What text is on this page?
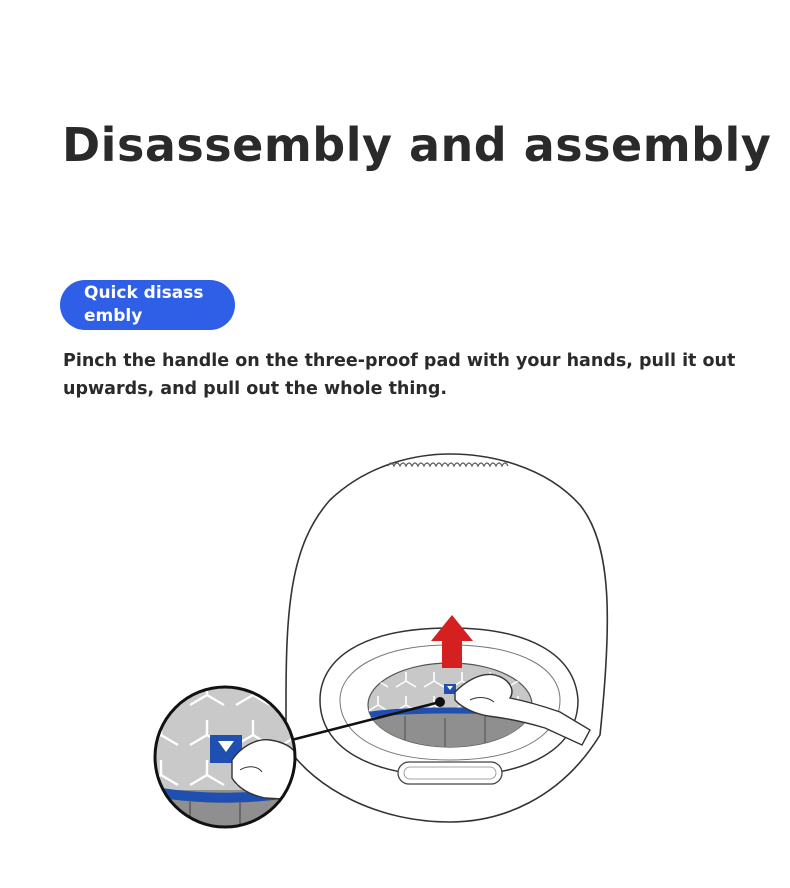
Disassembly and assembly
Quick disass
embly
Pinch the handle on the three-proof pad with your hands, pull it out upwards, and pull out the whole thing.
